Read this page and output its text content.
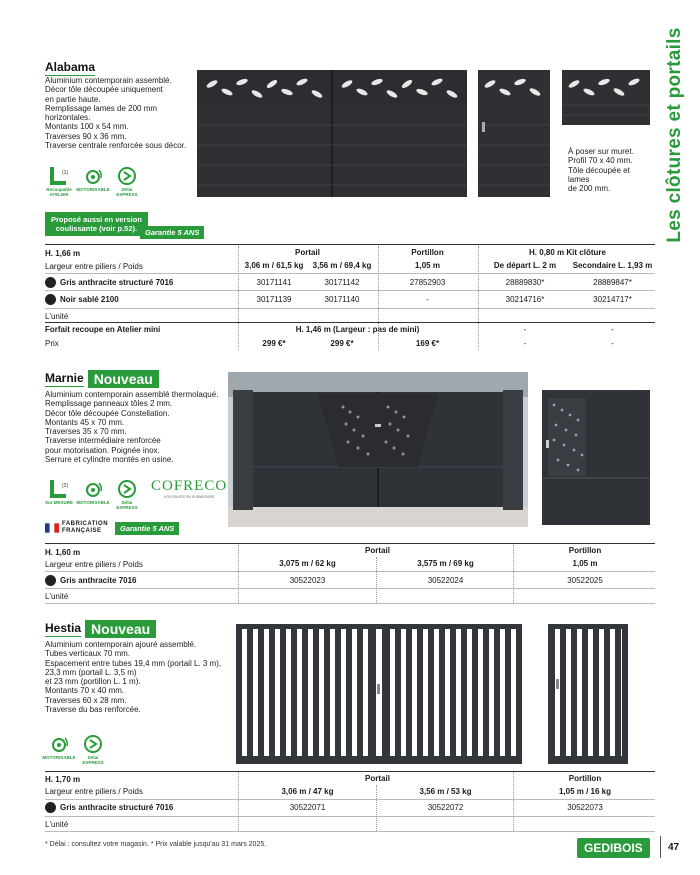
Les clôtures et portails
Alabama
Aluminium contemporain assemblé.
Décor tôle découpée uniquement
en partie haute.
Remplissage lames de 200 mm
horizontales.
Montants 100 x 54 mm.
Traverses 90 x 36 mm.
Traverse centrale renforcée sous décor.
(1)
Recoupable ATELIER
MOTORISABLE	Délai EXPRESS
Proposé aussi en version
coulissante (voir p.52).	Garantie 5 ANS
À poser sur muret.
Profil 70 x 40 mm.
Tôle découpée et lames
de 200 mm.
H. 1,66 m	Portail	Portillon	H. 0,80 m Kit clôture
Largeur entre piliers / Poids	3,06 m / 61,5 kg	3,56 m / 69,4 kg	1,05 m	De départ L. 2 m	Secondaire L. 1,93 m
Gris anthracite structuré 7016	30171141	30171142	27852903	28889830*	28889847*
Noir sablé 2100	30171139	30171140	-	30214716*	30214717*
L'unité
Forfait recoupe en Atelier mini	H. 1,46 m (Largeur : pas de mini)	-	-
Prix	299 €*	299 €*	169 €*	-	-
Marnie Nouveau
Aluminium contemporain assemblé thermolaqué.
Remplissage panneaux tôles 2 mm.
Décor tôle découpée Constellation.
Montants 45 x 70 mm.
Traverses 35 x 70 mm.
Traverse intermédiaire renforcée
pour motorisation. Poignée inox.
Serrure et cylindre montés en usine.
(2)
Sur MESURE MOTORISABLE	Délai EXPRESS
COFRECO
VOS ENVIES EN SURMESURE
FABRICATION
FRANÇAISE	Garantie 5 ANS
H. 1,60 m	Portail	Portillon
Largeur entre piliers / Poids	3,075 m / 62 kg	3,575 m / 69 kg	1,05 m
Gris anthracite 7016	30522023	30522024	30522025
L'unité
Hestia Nouveau
Aluminium contemporain ajouré assemblé.
Tubes verticaux 70 mm.
Espacement entre tubes 19,4 mm (portail L. 3 m),
23,3 mm (portail L. 3,5 m)
et 23 mm (portillon L. 1 m).
Montants 70 x 40 mm.
Traverses 60 x 28 mm.
Traverse du bas renforcée.
MOTORISABLE	Délai EXPRESS
H. 1,70 m	Portail	Portillon
Largeur entre piliers / Poids	3,06 m / 47 kg	3,56 m / 53 kg	1,05 m / 16 kg
Gris anthracite structuré 7016	30522071	30522072	30522073
L'unité
* Délai : consultez votre magasin. * Prix valable jusqu'au 31 mars 2025.	GEDIBOIS	47
